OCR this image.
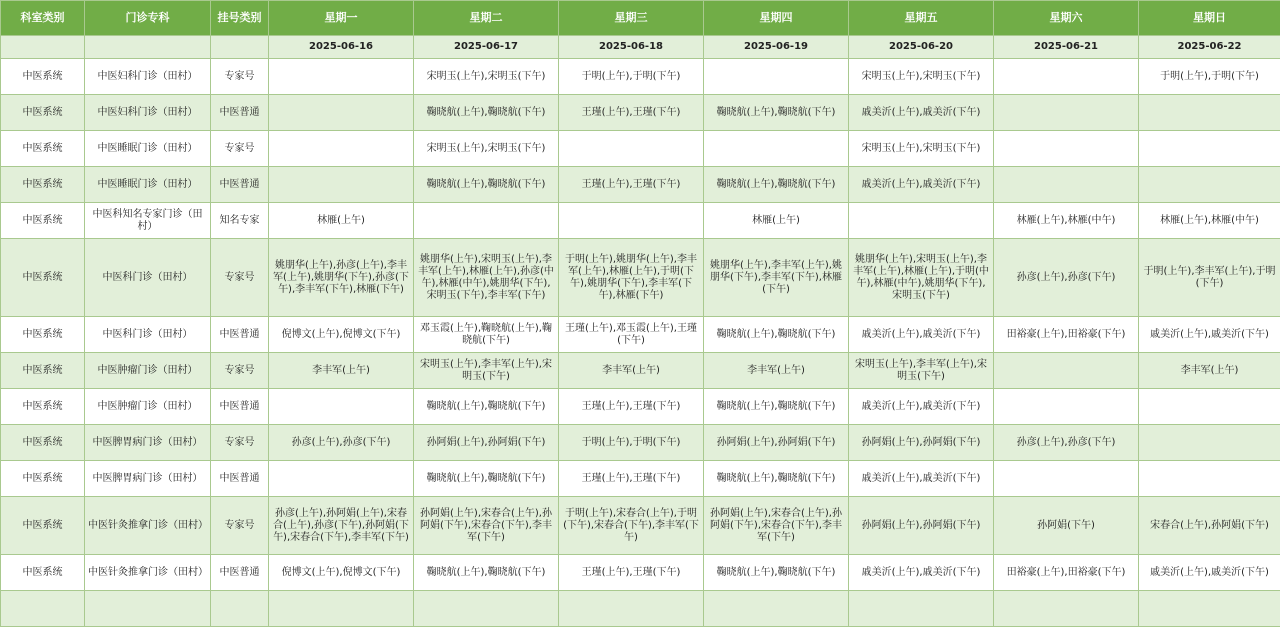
科室类别	门诊专科	挂号类别	星期一	星期二	星期三	星期四	星期五	星期六	星期日
			2025-06-16	2025-06-17	2025-06-18	2025-06-19	2025-06-20	2025-06-21	2025-06-22
中医系统	中医妇科门诊（田村）	专家号		宋明玉(上午),宋明玉(下午)	于明(上午),于明(下午)		宋明玉(上午),宋明玉(下午)		于明(上午),于明(下午)
中医系统	中医妇科门诊（田村）	中医普通		鞠晓航(上午),鞠晓航(下午)	王瑾(上午),王瑾(下午)	鞠晓航(上午),鞠晓航(下午)	戚美沂(上午),戚美沂(下午)		
中医系统	中医睡眠门诊（田村）	专家号		宋明玉(上午),宋明玉(下午)			宋明玉(上午),宋明玉(下午)		
中医系统	中医睡眠门诊（田村）	中医普通		鞠晓航(上午),鞠晓航(下午)	王瑾(上午),王瑾(下午)	鞠晓航(上午),鞠晓航(下午)	戚美沂(上午),戚美沂(下午)		
中医系统	中医科知名专家门诊（田村）	知名专家	林雁(上午)			林雁(上午)		林雁(上午),林雁(中午)	林雁(上午),林雁(中午)
中医系统	中医科门诊（田村）	专家号	姚朋华(上午),孙彦(上午),李丰军(上午),姚朋华(下午),孙彦(下午),李丰军(下午),林雁(下午)	姚朋华(上午),宋明玉(上午),李丰军(上午),林雁(上午),孙彦(中午),林雁(中午),姚朋华(下午),宋明玉(下午),李丰军(下午)	于明(上午),姚朋华(上午),李丰军(上午),林雁(上午),于明(下午),姚朋华(下午),李丰军(下午),林雁(下午)	姚朋华(上午),李丰军(上午),姚朋华(下午),李丰军(下午),林雁(下午)	姚朋华(上午),宋明玉(上午),李丰军(上午),林雁(上午),于明(中午),林雁(中午),姚朋华(下午),宋明玉(下午)	孙彦(上午),孙彦(下午)	于明(上午),李丰军(上午),于明(下午)
中医系统	中医科门诊（田村）	中医普通	倪博文(上午),倪博文(下午)	邓玉霞(上午),鞠晓航(上午),鞠晓航(下午)	王瑾(上午),邓玉霞(上午),王瑾(下午)	鞠晓航(上午),鞠晓航(下午)	戚美沂(上午),戚美沂(下午)	田裕豪(上午),田裕豪(下午)	戚美沂(上午),戚美沂(下午)
中医系统	中医肿瘤门诊（田村）	专家号	李丰军(上午)	宋明玉(上午),李丰军(上午),宋明玉(下午)	李丰军(上午)	李丰军(上午)	宋明玉(上午),李丰军(上午),宋明玉(下午)		李丰军(上午)
中医系统	中医肿瘤门诊（田村）	中医普通		鞠晓航(上午),鞠晓航(下午)	王瑾(上午),王瑾(下午)	鞠晓航(上午),鞠晓航(下午)	戚美沂(上午),戚美沂(下午)		
中医系统	中医脾胃病门诊（田村）	专家号	孙彦(上午),孙彦(下午)	孙阿娟(上午),孙阿娟(下午)	于明(上午),于明(下午)	孙阿娟(上午),孙阿娟(下午)	孙阿娟(上午),孙阿娟(下午)	孙彦(上午),孙彦(下午)	
中医系统	中医脾胃病门诊（田村）	中医普通		鞠晓航(上午),鞠晓航(下午)	王瑾(上午),王瑾(下午)	鞠晓航(上午),鞠晓航(下午)	戚美沂(上午),戚美沂(下午)		
中医系统	中医针灸推拿门诊（田村）	专家号	孙彦(上午),孙阿娟(上午),宋春合(上午),孙彦(下午),孙阿娟(下午),宋春合(下午),李丰军(下午)	孙阿娟(上午),宋春合(上午),孙阿娟(下午),宋春合(下午),李丰军(下午)	于明(上午),宋春合(上午),于明(下午),宋春合(下午),李丰军(下午)	孙阿娟(上午),宋春合(上午),孙阿娟(下午),宋春合(下午),李丰军(下午)	孙阿娟(上午),孙阿娟(下午)	孙阿娟(下午)	宋春合(上午),孙阿娟(下午)
中医系统	中医针灸推拿门诊（田村）	中医普通	倪博文(上午),倪博文(下午)	鞠晓航(上午),鞠晓航(下午)	王瑾(上午),王瑾(下午)	鞠晓航(上午),鞠晓航(下午)	戚美沂(上午),戚美沂(下午)	田裕豪(上午),田裕豪(下午)	戚美沂(上午),戚美沂(下午)
